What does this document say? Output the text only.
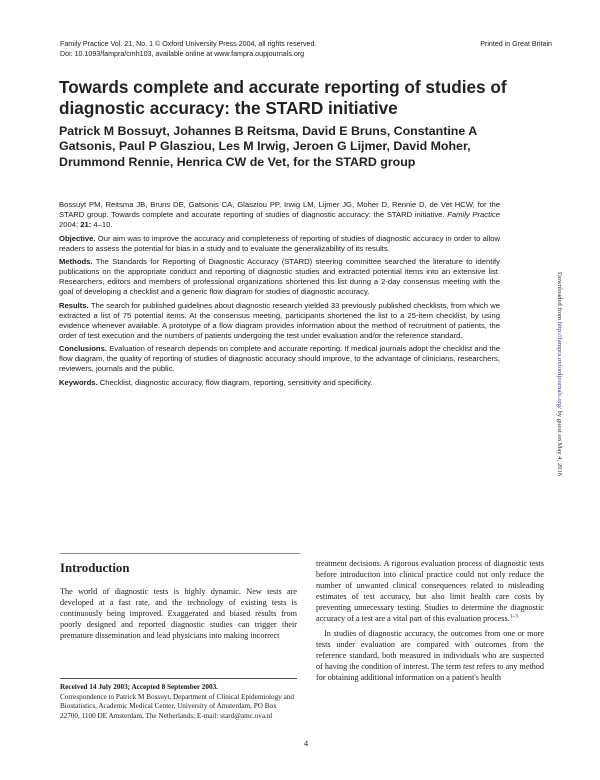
Family Practice Vol. 21, No. 1 © Oxford University Press 2004, all rights reserved.
Doi: 10.1093/fampra/cmh103, available online at www.fampra.oupjournals.org
Printed in Great Britain
Towards complete and accurate reporting of studies of diagnostic accuracy: the STARD initiative
Patrick M Bossuyt, Johannes B Reitsma, David E Bruns, Constantine A Gatsonis, Paul P Glasziou, Les M Irwig, Jeroen G Lijmer, David Moher, Drummond Rennie, Henrica CW de Vet, for the STARD group

Bossuyt PM, Reitsma JB, Bruns DE, Gatsonis CA, Glasziou PP, Irwig LM, Lijmer JG, Moher D, Rennie D, de Vet HCW, for the STARD group. Towards complete and accurate reporting of studies of diagnostic accuracy: the STARD initiative. Family Practice 2004; 21: 4–10.

Objective. Our aim was to improve the accuracy and completeness of reporting of studies of diagnostic accuracy in order to allow readers to assess the potential for bias in a study and to evaluate the generalizability of its results.

Methods. The Standards for Reporting of Diagnostic Accuracy (STARD) steering committee searched the literature to identify publications on the appropriate conduct and reporting of diagnostic studies and extracted potential items into an extensive list. Researchers, editors and members of professional organizations shortened this list during a 2-day consensus meeting with the goal of developing a checklist and a generic flow diagram for studies of diagnostic accuracy.

Results. The search for published guidelines about diagnostic research yielded 33 previously published checklists, from which we extracted a list of 75 potential items. At the consensus meeting, participants shortened the list to a 25-item checklist, by using evidence whenever available. A prototype of a flow diagram provides information about the method of recruitment of patients, the order of test execution and the numbers of patients undergoing the test under evaluation and/or the reference standard.

Conclusions. Evaluation of research depends on complete and accurate reporting. If medical journals adopt the checklist and the flow diagram, the quality of reporting of studies of diagnostic accuracy should improve, to the advantage of clinicians, researchers, reviewers, journals and the public.

Keywords. Checklist, diagnostic accuracy, flow diagram, reporting, sensitivity and specificity.

Downloaded from http://fampra.oxfordjournals.org/ by guest on May 4, 2016
Introduction

The world of diagnostic tests is highly dynamic. New tests are developed at a fast rate, and the technology of existing tests is continuously being improved. Exaggerated and biased results from poorly designed and reported diagnostic studies can trigger their premature dissemination and lead physicians into making incorrect

treatment decisions. A rigorous evaluation process of diagnostic tests before introduction into clinical practice could not only reduce the number of unwanted clinical consequences related to misleading estimates of test accuracy, but also limit health care costs by preventing unnecessary testing. Studies to determine the diagnostic accuracy of a test are a vital part of this evaluation process.$^{1-3}$

In studies of diagnostic accuracy, the outcomes from one or more tests under evaluation are compared with outcomes from the reference standard, both measured in individuals who are suspected of having the condition of interest. The term test refers to any method for obtaining additional information on a patient's health

Received 14 July 2003; Accepted 8 September 2003.
Correspondence to Patrick M Bossuyt, Department of Clinical Epidemiology and Biostatistics, Academic Medical Center, University of Amsterdam, PO Box 22700, 1100 DE Amsterdam, The Netherlands; E-mail: stard@amc.uva.nl
4
